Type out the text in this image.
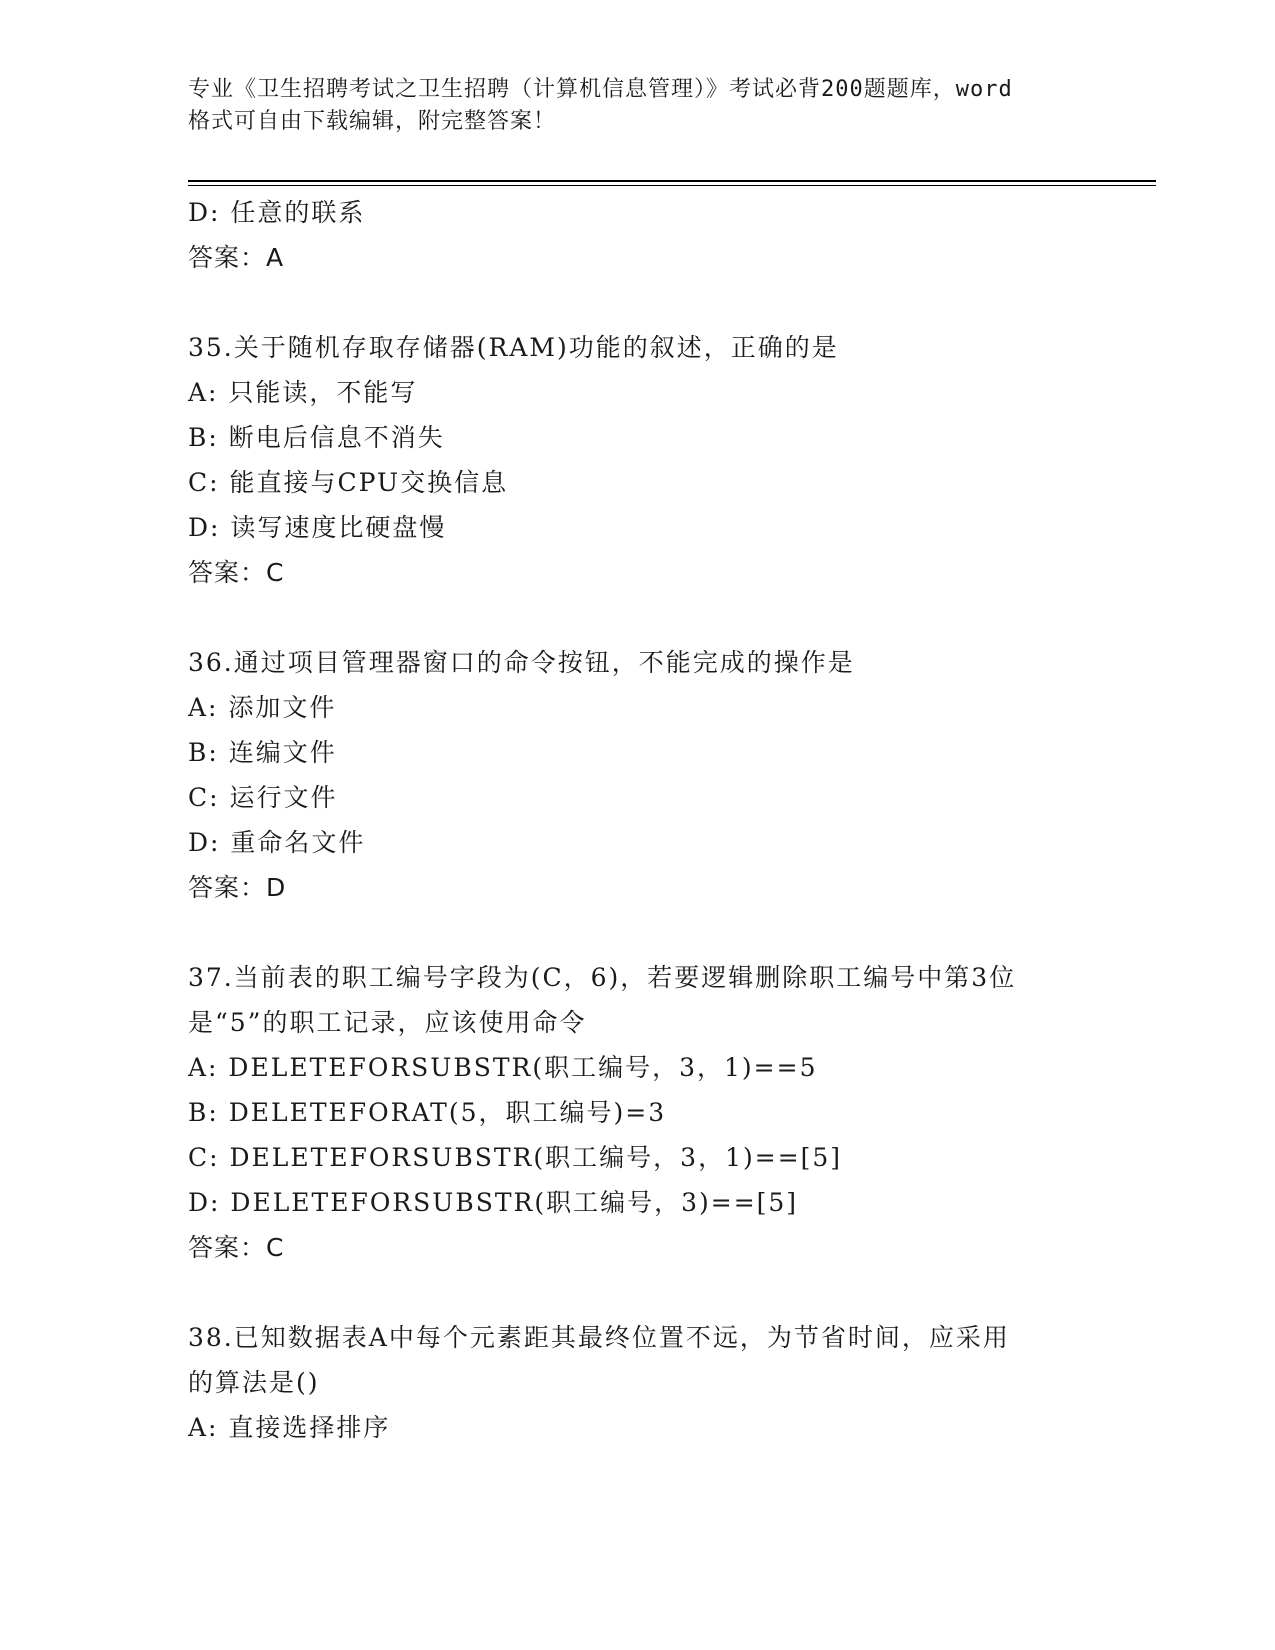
专业《卫生招聘考试之卫生招聘（计算机信息管理）》考试必背200题题库，word
格式可自由下载编辑，附完整答案！
D: 任意的联系
答案：A
35.关于随机存取存储器(RAM)功能的叙述，正确的是
A: 只能读，不能写
B: 断电后信息不消失
C: 能直接与CPU交换信息
D: 读写速度比硬盘慢
答案：C
36.通过项目管理器窗口的命令按钮，不能完成的操作是
A: 添加文件
B: 连编文件
C: 运行文件
D: 重命名文件
答案：D
37.当前表的职工编号字段为(C，6)，若要逻辑删除职工编号中第3位
是“5”的职工记录，应该使用命令
A: DELETEFORSUBSTR(职工编号，3，1)==5
B: DELETEFORAT(5，职工编号)=3
C: DELETEFORSUBSTR(职工编号，3，1)==[5]
D: DELETEFORSUBSTR(职工编号，3)==[5]
答案：C
38.已知数据表A中每个元素距其最终位置不远，为节省时间，应采用
的算法是()
A: 直接选择排序
